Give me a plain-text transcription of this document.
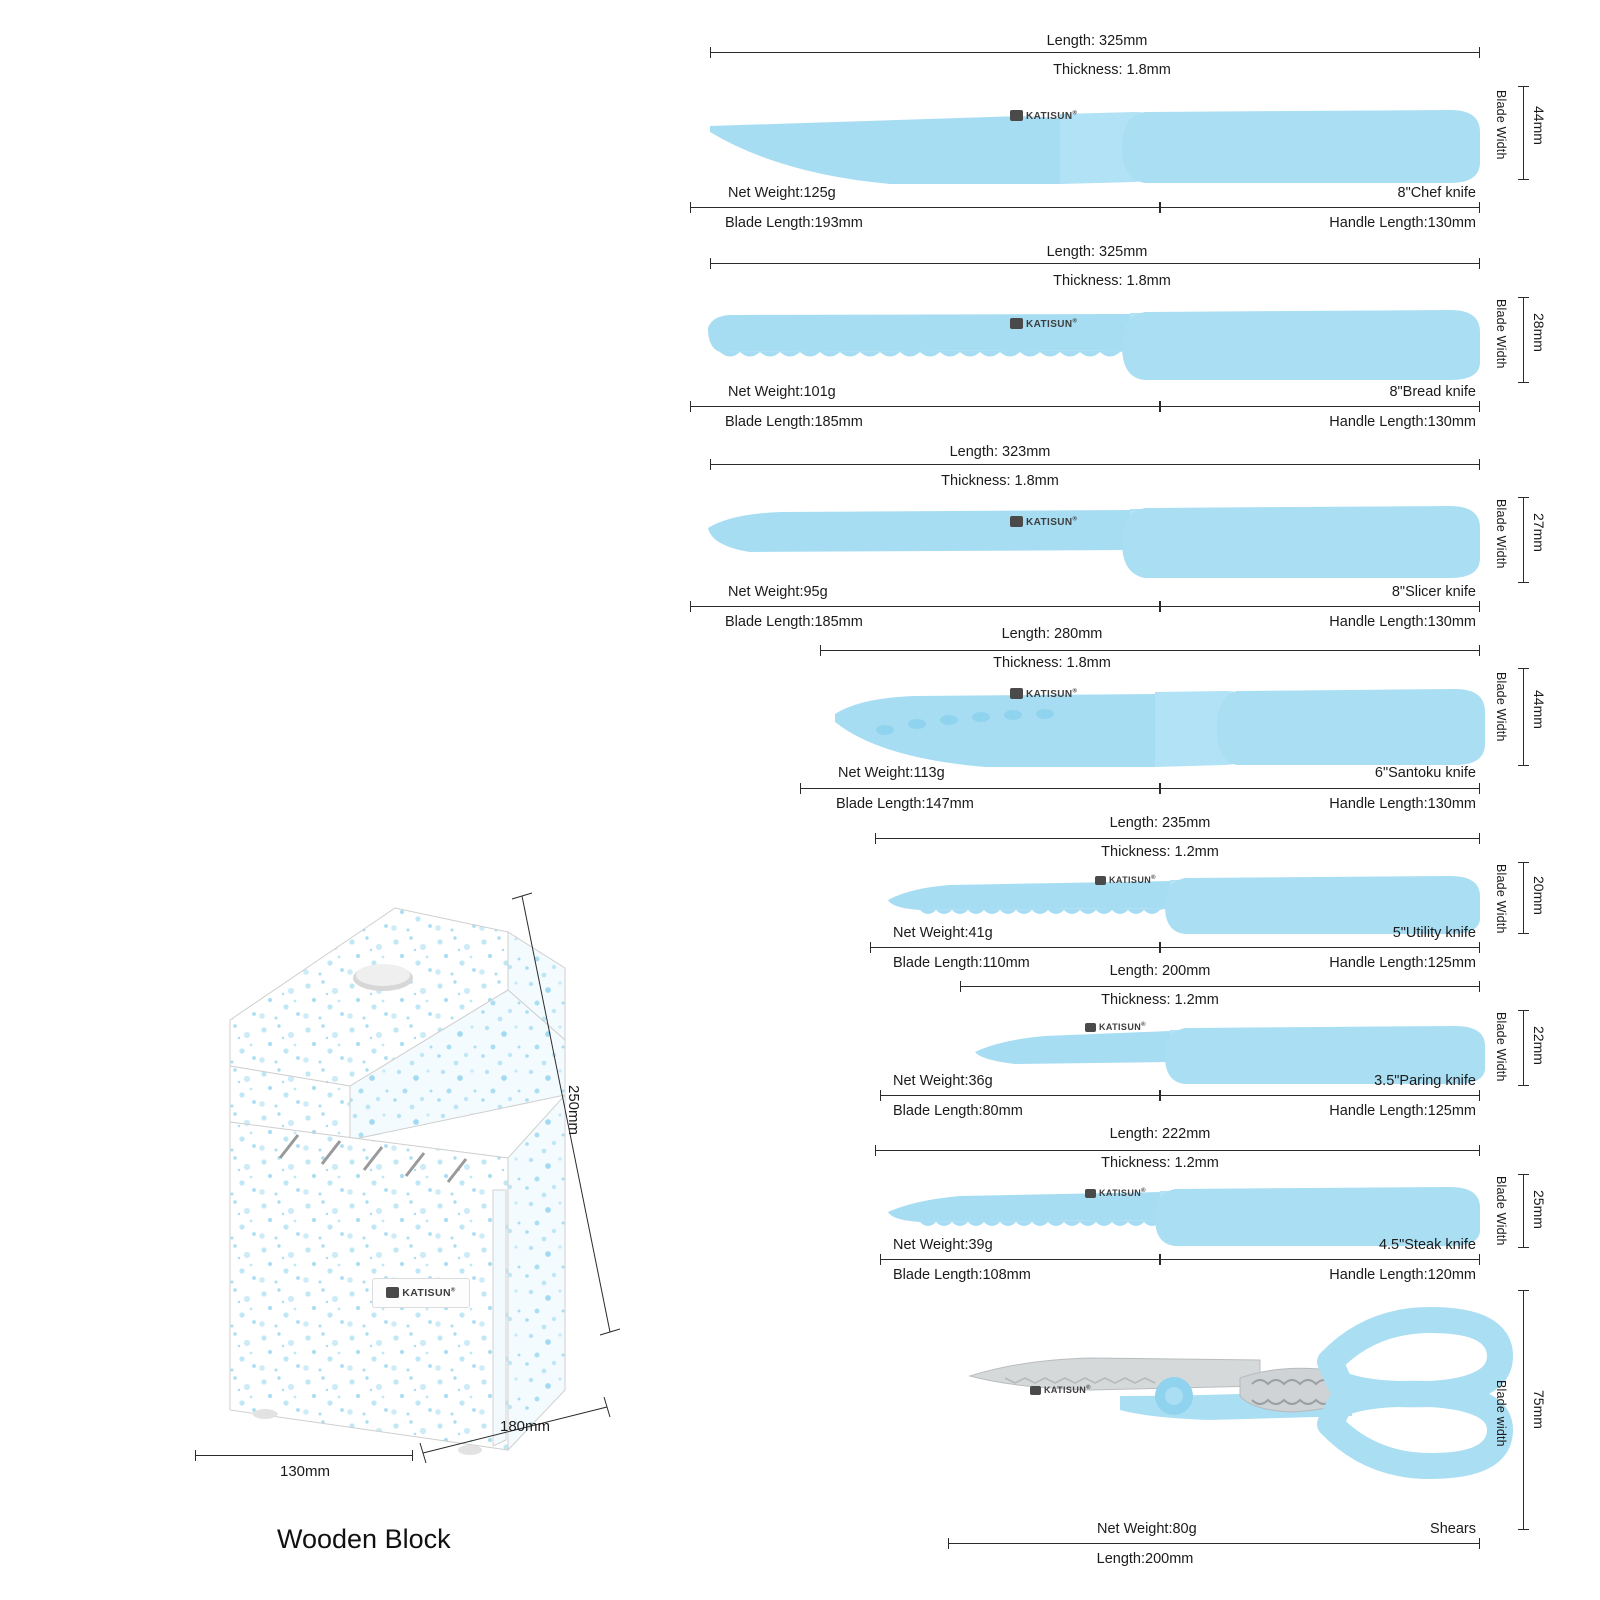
KATISUN®
250mm
130mm
180mm
Wooden Block
Length: 325mm
Thickness: 1.8mm
KATISUN®
Net Weight:125g	8"Chef knife
Blade Length:193mm	Handle Length:130mm
Blade Width 44mm
Length: 325mm
Thickness: 1.8mm
KATISUN®
Net Weight:101g	8"Bread knife
Blade Length:185mm	Handle Length:130mm
Blade Width 28mm
Length: 323mm
Thickness: 1.8mm
KATISUN®
Net Weight:95g	8"Slicer knife
Blade Length:185mm	Handle Length:130mm
Blade Width 27mm
Length: 280mm
Thickness: 1.8mm
KATISUN®
Net Weight:113g	6"Santoku knife
Blade Length:147mm	Handle Length:130mm
Blade Width 44mm
Length: 235mm
Thickness: 1.2mm
KATISUN®
Net Weight:41g	5"Utility knife
Blade Length:110mm	Handle Length:125mm
Blade Width 20mm
Length: 200mm
Thickness: 1.2mm
KATISUN®
Net Weight:36g	3.5"Paring knife
Blade Length:80mm	Handle Length:125mm
Blade Width 22mm
Length: 222mm
Thickness: 1.2mm
KATISUN®
Net Weight:39g	4.5"Steak knife
Blade Length:108mm	Handle Length:120mm
Blade Width 25mm
KATISUN®	Blade width 75mm
Net Weight:80g	Shears
Length:200mm
